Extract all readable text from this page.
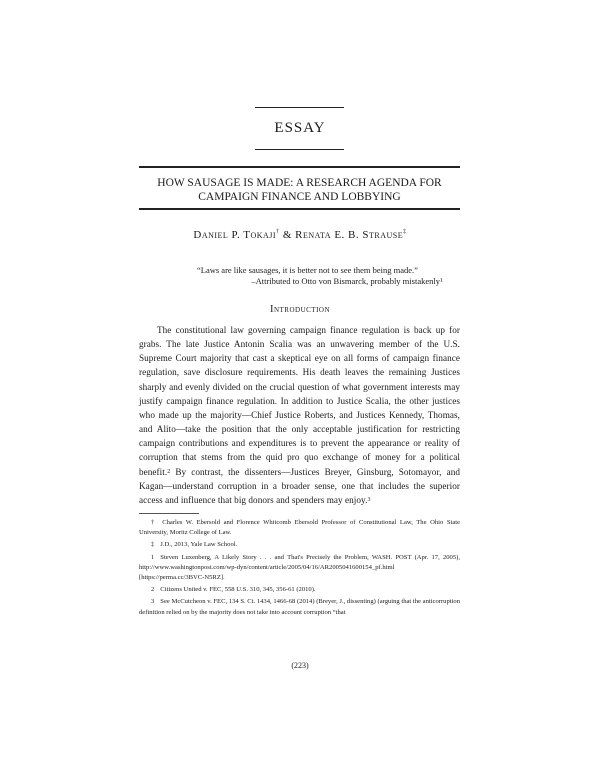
ESSAY
HOW SAUSAGE IS MADE: A RESEARCH AGENDA FOR
CAMPAIGN FINANCE AND LOBBYING
Daniel P. Tokaji† & Renata E. B. Strause‡
“Laws are like sausages, it is better not to see them being made.”
–Attributed to Otto von Bismarck, probably mistakenly$^1$
Introduction

The constitutional law governing campaign finance regulation is back up for grabs. The late Justice Antonin Scalia was an unwavering member of the U.S. Supreme Court majority that cast a skeptical eye on all forms of campaign finance regulation, save disclosure requirements. His death leaves the remaining Justices sharply and evenly divided on the crucial question of what government interests may justify campaign finance regulation. In addition to Justice Scalia, the other justices who made up the majority—Chief Justice Roberts, and Justices Kennedy, Thomas, and Alito—take the position that the only acceptable justification for restricting campaign contributions and expenditures is to prevent the appearance or reality of corruption that stems from the quid pro quo exchange of money for a political benefit.$^2$ By contrast, the dissenters—Justices Breyer, Ginsburg, Sotomayor, and Kagan—understand corruption in a broader sense, one that includes the superior access and influence that big donors and spenders may enjoy.$^3$

† Charles W. Ebersold and Florence Whitcomb Ebersold Professor of Constitutional Law, The Ohio State University, Moritz College of Law.

‡ J.D., 2013, Yale Law School.

1 Steven Luxenberg, A Likely Story . . . and That's Precisely the Problem, WASH. POST (Apr. 17, 2005), http://www.washingtonpost.com/wp-dyn/content/article/2005/04/16/AR2005041600154_pf.html [https://perma.cc/3BVC-N5RZ].

2 Citizens United v. FEC, 558 U.S. 310, 345, 356-61 (2010).

3 See McCutcheon v. FEC, 134 S. Ct. 1434, 1466-68 (2014) (Breyer, J., dissenting) (arguing that the anticorruption definition relied on by the majority does not take into account corruption “that

(223)
